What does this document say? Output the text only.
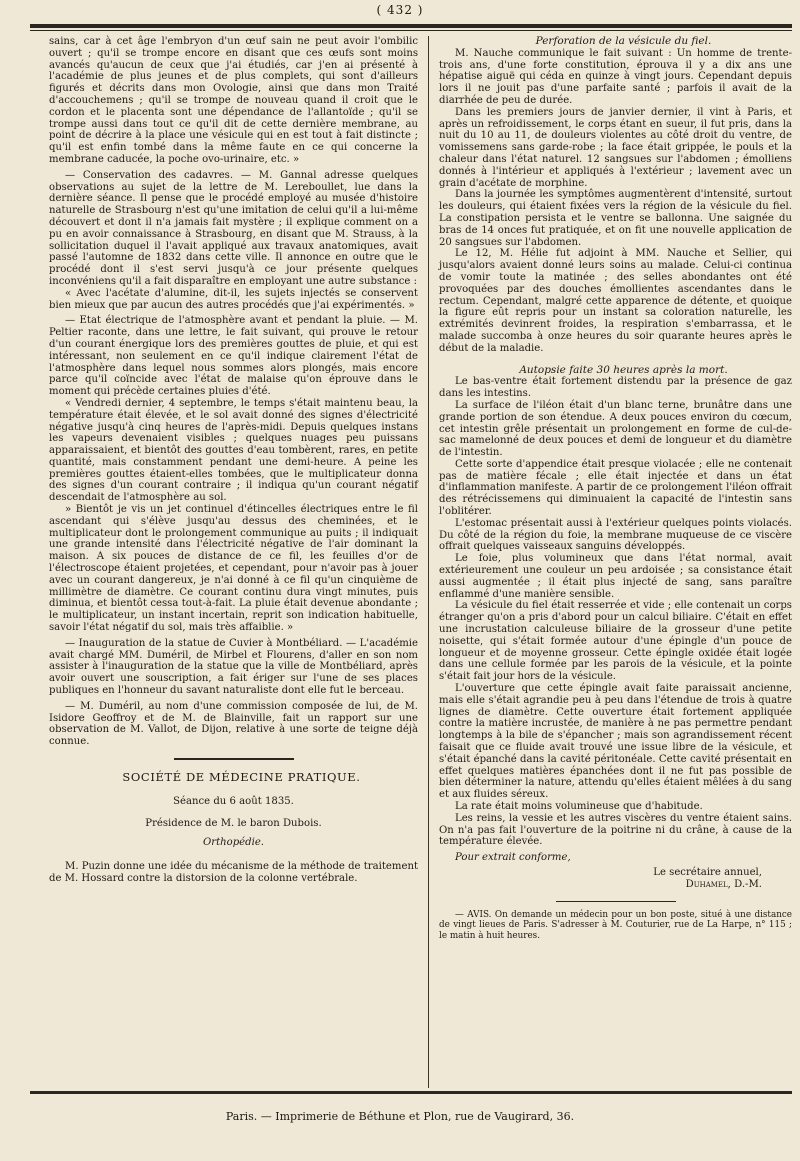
( 432 )

sains, car à cet âge l'embryon d'un œuf sain ne peut avoir l'ombilic ouvert ; qu'il se trompe encore en disant que ces œufs sont moins avancés qu'aucun de ceux que j'ai étudiés, car j'en ai présenté à l'académie de plus jeunes et de plus complets, qui sont d'ailleurs figurés et décrits dans mon Ovologie, ainsi que dans mon Traité d'accouchemens ; qu'il se trompe de nouveau quand il croit que le cordon et le placenta sont une dépendance de l'allantoïde ; qu'il se trompe aussi dans tout ce qu'il dit de cette dernière membrane, au point de décrire à la place une vésicule qui en est tout à fait distincte ; qu'il est enfin tombé dans la même faute en ce qui concerne la membrane caducée, la poche ovo-urinaire, etc. »

— Conservation des cadavres. — M. Gannal adresse quelques observations au sujet de la lettre de M. Lereboullet, lue dans la dernière séance. Il pense que le procédé employé au musée d'histoire naturelle de Strasbourg n'est qu'une imitation de celui qu'il a lui-même découvert et dont il n'a jamais fait mystère ; il explique comment on a pu en avoir connaissance à Strasbourg, en disant que M. Strauss, à la sollicitation duquel il l'avait appliqué aux travaux anatomiques, avait passé l'automne de 1832 dans cette ville. Il annonce en outre que le procédé dont il s'est servi jusqu'à ce jour présente quelques inconvéniens qu'il a fait disparaître en employant une autre substance :

« Avec l'acétate d'alumine, dit-il, les sujets injectés se conservent bien mieux que par aucun des autres procédés que j'ai expérimentés. »

— Etat électrique de l'atmosphère avant et pendant la pluie. — M. Peltier raconte, dans une lettre, le fait suivant, qui prouve le retour d'un courant énergique lors des premières gouttes de pluie, et qui est intéressant, non seulement en ce qu'il indique clairement l'état de l'atmosphère dans lequel nous sommes alors plongés, mais encore parce qu'il coïncide avec l'état de malaise qu'on éprouve dans le moment qui précède certaines pluies d'été.

« Vendredi dernier, 4 septembre, le temps s'était maintenu beau, la température était élevée, et le sol avait donné des signes d'électricité négative jusqu'à cinq heures de l'après-midi. Depuis quelques instans les vapeurs devenaient visibles ; quelques nuages peu puissans apparaissaient, et bientôt des gouttes d'eau tombèrent, rares, en petite quantité, mais constamment pendant une demi-heure. A peine les premières gouttes étaient-elles tombées, que le multiplicateur donna des signes d'un courant contraire ; il indiqua qu'un courant négatif descendait de l'atmosphère au sol.

» Bientôt je vis un jet continuel d'étincelles électriques entre le fil ascendant qui s'élève jusqu'au dessus des cheminées, et le multiplicateur dont le prolongement communique au puits ; il indiquait une grande intensité dans l'électricité négative de l'air dominant la maison. A six pouces de distance de ce fil, les feuilles d'or de l'électroscope étaient projetées, et cependant, pour n'avoir pas à jouer avec un courant dangereux, je n'ai donné à ce fil qu'un cinquième de millimètre de diamètre. Ce courant continu dura vingt minutes, puis diminua, et bientôt cessa tout-à-fait. La pluie était devenue abondante ; le multiplicateur, un instant incertain, reprit son indication habituelle, savoir l'état négatif du sol, mais très affaiblie. »

— Inauguration de la statue de Cuvier à Montbéliard. — L'académie avait chargé MM. Duméril, de Mirbel et Flourens, d'aller en son nom assister à l'inauguration de la statue que la ville de Montbéliard, après avoir ouvert une souscription, a fait ériger sur l'une de ses places publiques en l'honneur du savant naturaliste dont elle fut le berceau.

— M. Duméril, au nom d'une commission composée de lui, de M. Isidore Geoffroy et de M. de Blainville, fait un rapport sur une observation de M. Vallot, de Dijon, relative à une sorte de teigne déjà connue.

SOCIÉTÉ DE MÉDECINE PRATIQUE.

Séance du 6 août 1835.

Présidence de M. le baron Dubois.

Orthopédie.

M. Puzin donne une idée du mécanisme de la méthode de traitement de M. Hossard contre la distorsion de la colonne vertébrale.

Perforation de la vésicule du fiel.

M. Nauche communique le fait suivant : Un homme de trente-trois ans, d'une forte constitution, éprouva il y a dix ans une hépatise aiguë qui céda en quinze à vingt jours. Cependant depuis lors il ne jouit pas d'une parfaite santé ; parfois il avait de la diarrhée de peu de durée.

Dans les premiers jours de janvier dernier, il vint à Paris, et après un refroidissement, le corps étant en sueur, il fut pris, dans la nuit du 10 au 11, de douleurs violentes au côté droit du ventre, de vomissemens sans garde-robe ; la face était grippée, le pouls et la chaleur dans l'état naturel. 12 sangsues sur l'abdomen ; émolliens donnés à l'intérieur et appliqués à l'extérieur ; lavement avec un grain d'acétate de morphine.

Dans la journée les symptômes augmentèrent d'intensité, surtout les douleurs, qui étaient fixées vers la région de la vésicule du fiel. La constipation persista et le ventre se ballonna. Une saignée du bras de 14 onces fut pratiquée, et on fit une nouvelle application de 20 sangsues sur l'abdomen.

Le 12, M. Hélie fut adjoint à MM. Nauche et Sellier, qui jusqu'alors avaient donné leurs soins au malade. Celui-ci continua de vomir toute la matinée ; des selles abondantes ont été provoquées par des douches émollientes ascendantes dans le rectum. Cependant, malgré cette apparence de détente, et quoique la figure eût repris pour un instant sa coloration naturelle, les extrémités devinrent froides, la respiration s'embarrassa, et le malade succomba à onze heures du soir quarante heures après le début de la maladie.

Autopsie faite 30 heures après la mort.

Le bas-ventre était fortement distendu par la présence de gaz dans les intestins.

La surface de l'iléon était d'un blanc terne, brunâtre dans une grande portion de son étendue. A deux pouces environ du cœcum, cet intestin grêle présentait un prolongement en forme de cul-de-sac mamelonné de deux pouces et demi de longueur et du diamètre de l'intestin.

Cette sorte d'appendice était presque violacée ; elle ne contenait pas de matière fécale ; elle était injectée et dans un état d'inflammation manifeste. A partir de ce prolongement l'iléon offrait des rétrécissemens qui diminuaient la capacité de l'intestin sans l'oblitérer.

L'estomac présentait aussi à l'extérieur quelques points violacés. Du côté de la région du foie, la membrane muqueuse de ce viscère offrait quelques vaisseaux sanguins développés.

Le foie, plus volumineux que dans l'état normal, avait extérieurement une couleur un peu ardoisée ; sa consistance était aussi augmentée ; il était plus injecté de sang, sans paraître enflammé d'une manière sensible.

La vésicule du fiel était resserrée et vide ; elle contenait un corps étranger qu'on a pris d'abord pour un calcul biliaire. C'était en effet une incrustation calculeuse biliaire de la grosseur d'une petite noisette, qui s'était formée autour d'une épingle d'un pouce de longueur et de moyenne grosseur. Cette épingle oxidée était logée dans une cellule formée par les parois de la vésicule, et la pointe s'était fait jour hors de la vésicule.

L'ouverture que cette épingle avait faite paraissait ancienne, mais elle s'était agrandie peu à peu dans l'étendue de trois à quatre lignes de diamètre. Cette ouverture était fortement appliquée contre la matière incrustée, de manière à ne pas permettre pendant longtemps à la bile de s'épancher ; mais son agrandissement récent faisait que ce fluide avait trouvé une issue libre de la vésicule, et s'était épanché dans la cavité péritonéale. Cette cavité présentait en effet quelques matières épanchées dont il ne fut pas possible de bien déterminer la nature, attendu qu'elles étaient mêlées à du sang et aux fluides séreux.

La rate était moins volumineuse que d'habitude.

Les reins, la vessie et les autres viscères du ventre étaient sains. On n'a pas fait l'ouverture de la poitrine ni du crâne, à cause de la température élevée.

Pour extrait conforme,

Le secrétaire annuel,

Duhamel, D.-M.

— AVIS. On demande un médecin pour un bon poste, situé à une distance de vingt lieues de Paris. S'adresser à M. Couturier, rue de La Harpe, n° 115 ; le matin à huit heures.

Paris. — Imprimerie de Béthune et Plon, rue de Vaugirard, 36.
